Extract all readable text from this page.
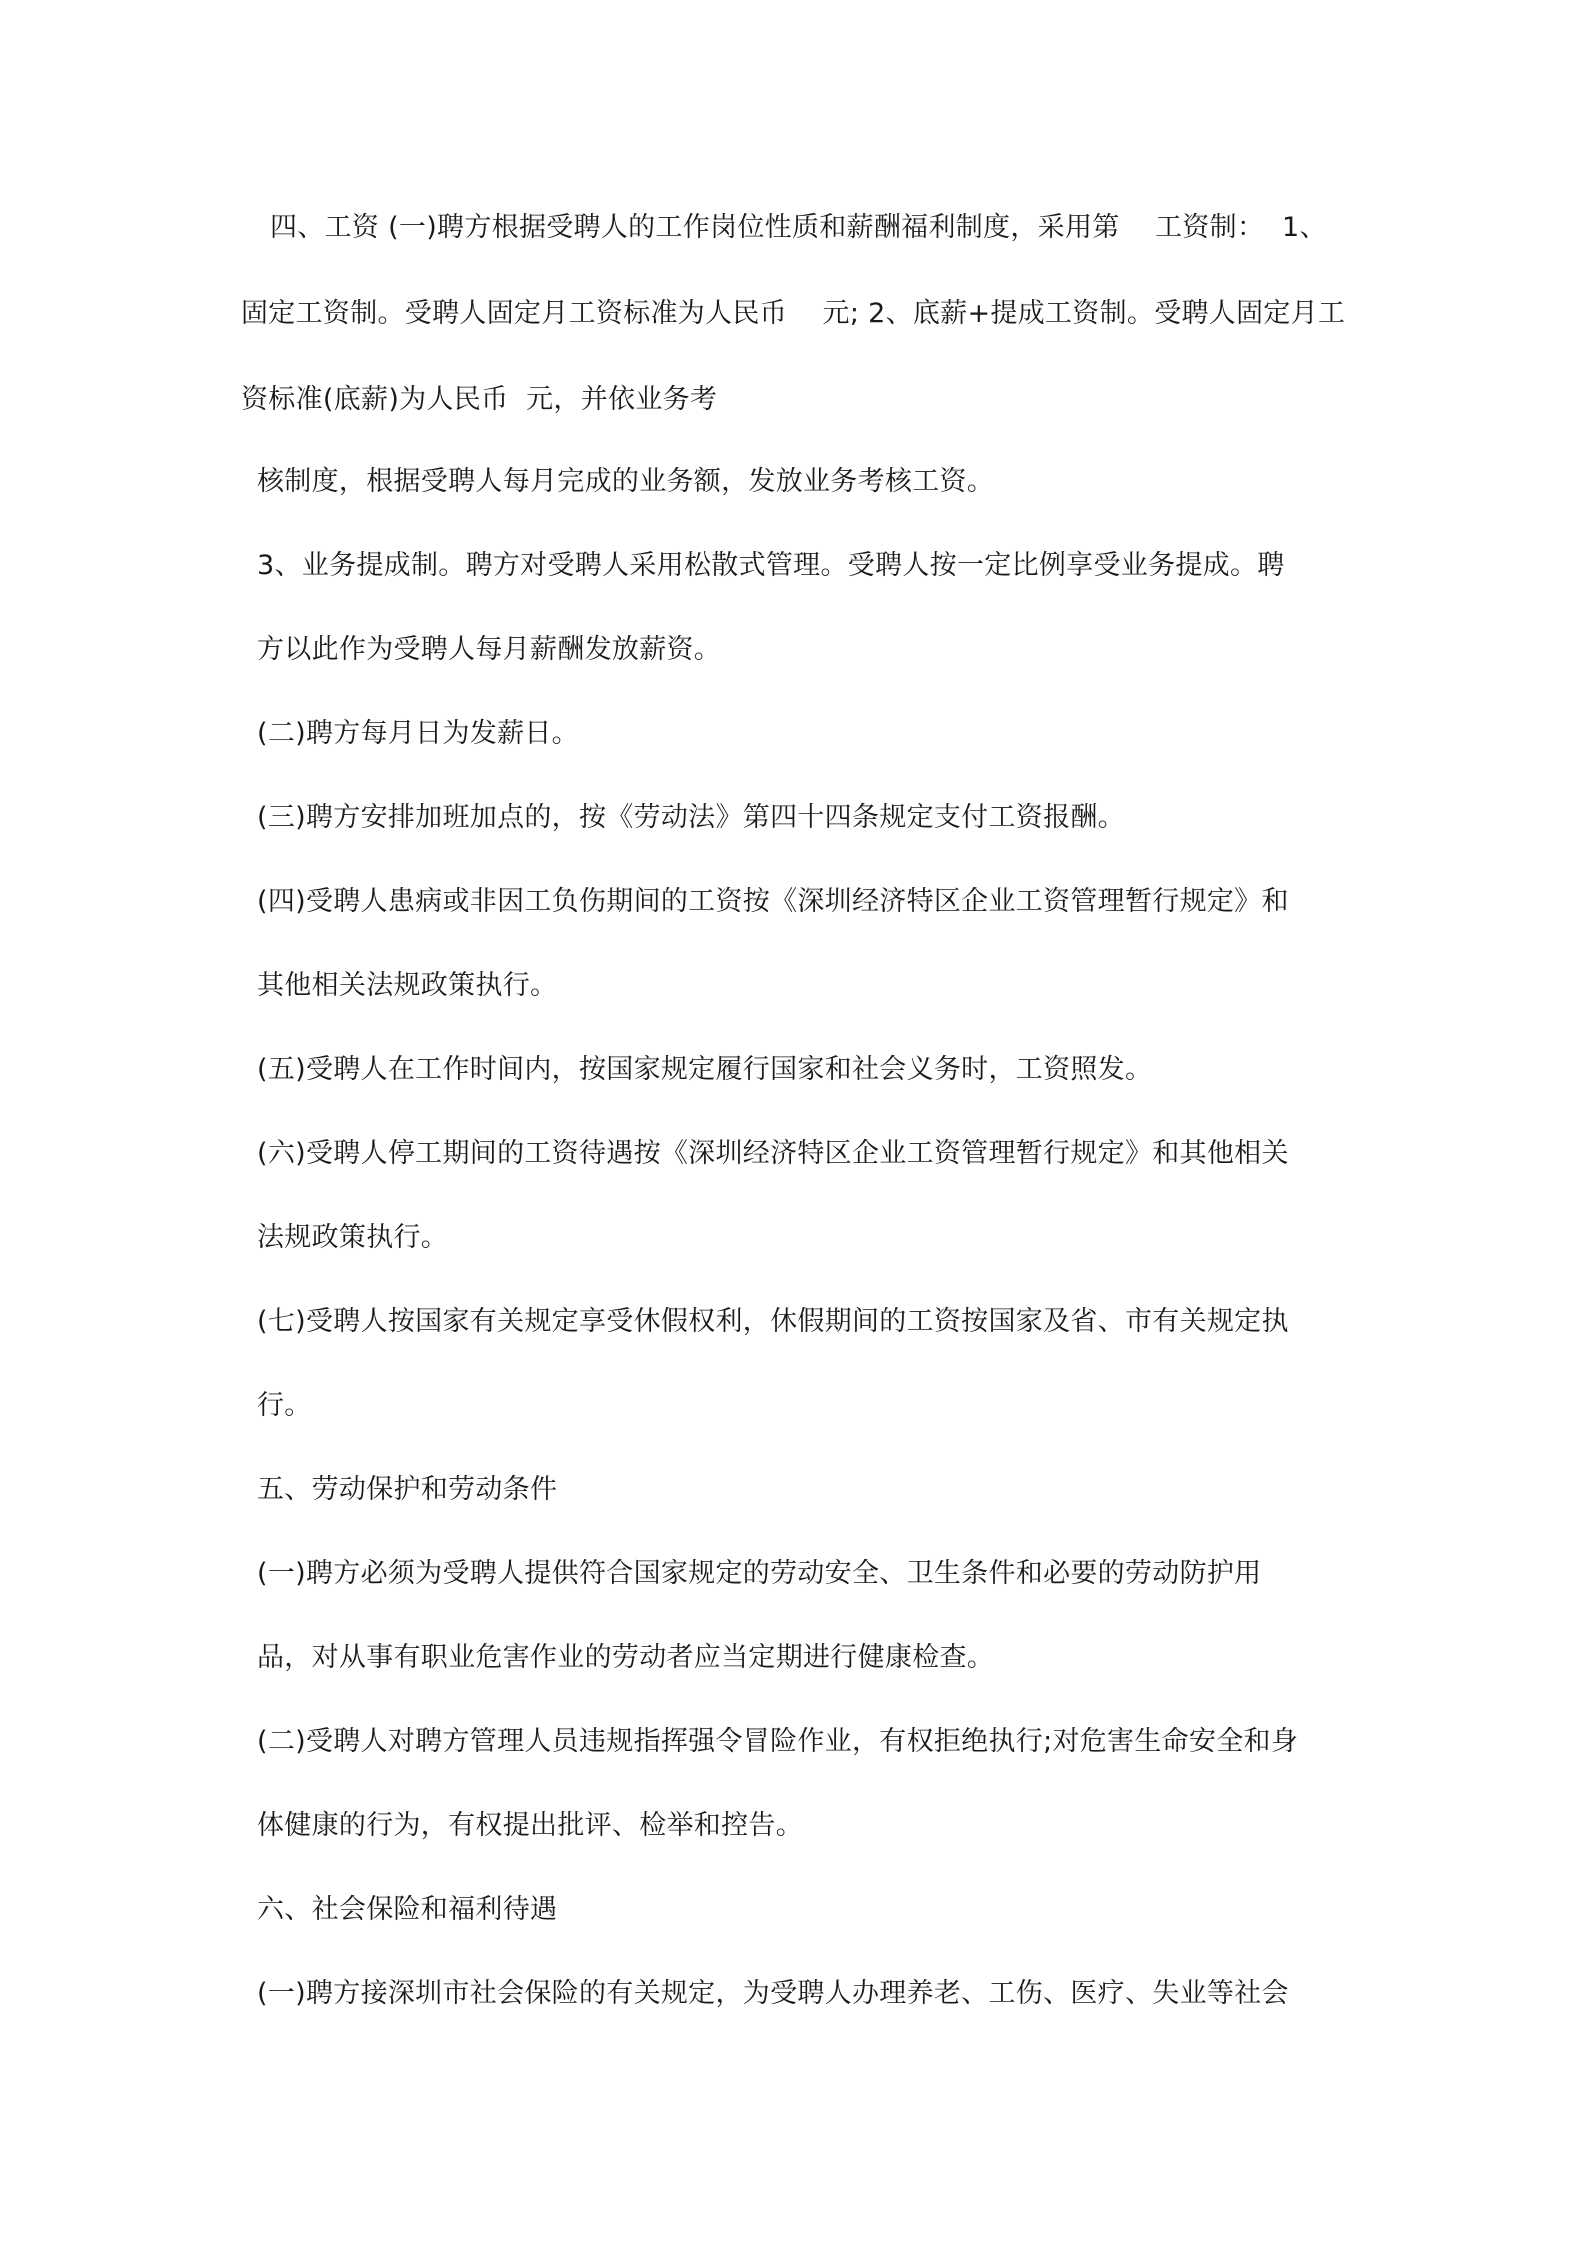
四、工资 (一)聘方根据受聘人的工作岗位性质和薪酬福利制度，采用第    工资制：  1、
固定工资制。受聘人固定月工资标准为人民币    元; 2、底薪+提成工资制。受聘人固定月工
资标准(底薪)为人民币  元，并依业务考
核制度，根据受聘人每月完成的业务额，发放业务考核工资。
3、业务提成制。聘方对受聘人采用松散式管理。受聘人按一定比例享受业务提成。聘
方以此作为受聘人每月薪酬发放薪资。
(二)聘方每月日为发薪日。
(三)聘方安排加班加点的，按《劳动法》第四十四条规定支付工资报酬。
(四)受聘人患病或非因工负伤期间的工资按《深圳经济特区企业工资管理暂行规定》和
其他相关法规政策执行。
(五)受聘人在工作时间内，按国家规定履行国家和社会义务时，工资照发。
(六)受聘人停工期间的工资待遇按《深圳经济特区企业工资管理暂行规定》和其他相关
法规政策执行。
(七)受聘人按国家有关规定享受休假权利，休假期间的工资按国家及省、市有关规定执
行。
五、劳动保护和劳动条件
(一)聘方必须为受聘人提供符合国家规定的劳动安全、卫生条件和必要的劳动防护用
品，对从事有职业危害作业的劳动者应当定期进行健康检查。
(二)受聘人对聘方管理人员违规指挥强令冒险作业，有权拒绝执行;对危害生命安全和身
体健康的行为，有权提出批评、检举和控告。
六、社会保险和福利待遇
(一)聘方接深圳市社会保险的有关规定，为受聘人办理养老、工伤、医疗、失业等社会
